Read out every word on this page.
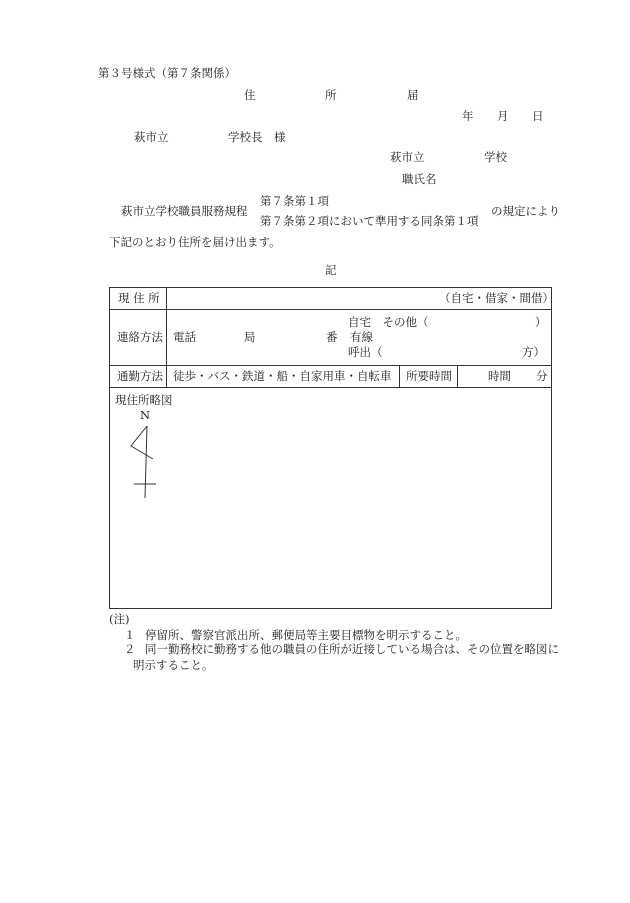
第３号様式（第７条関係）
住	所	届
年 月 日
萩市立	学校長　様
萩市立	学校
職氏名
第７条第１項
萩市立学校職員服務規程
第７条第２項において準用する同条第１項
の規定により
下記のとおり住所を届け出ます。
記
現 住 所	（自宅・借家・間借）
連絡方法 電話	局	番
自宅　その他（	）
有線
呼出（	方）
通勤方法 徒歩・バス・鉄道・船・自家用車・自転車 所要時間	時間 分
現住所略図
N
(注)
１ 停留所、警察官派出所、郵便局等主要目標物を明示すること。
２ 同一勤務校に勤務する他の職員の住所が近接している場合は、その位置を略図に
明示すること。
